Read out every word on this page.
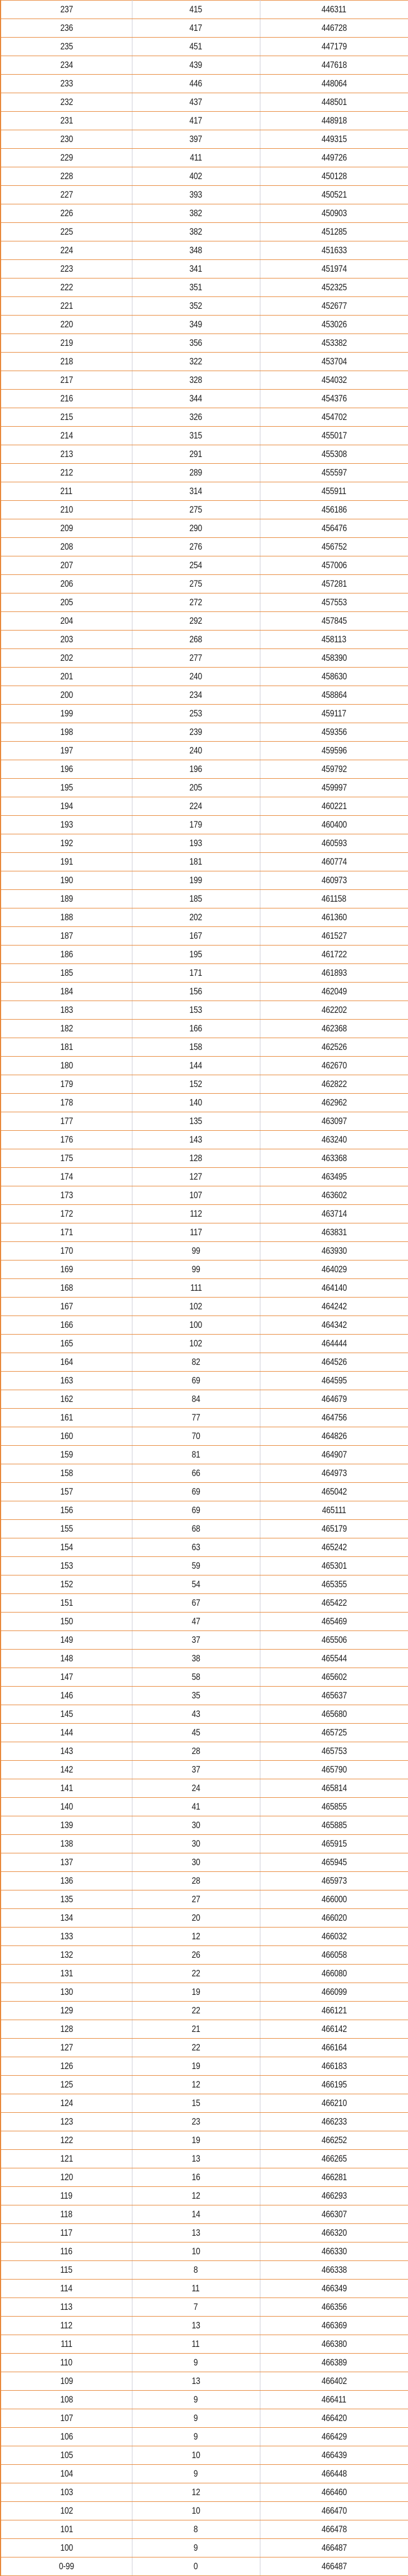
237	415	446311
236	417	446728
235	451	447179
234	439	447618
233	446	448064
232	437	448501
231	417	448918
230	397	449315
229	411	449726
228	402	450128
227	393	450521
226	382	450903
225	382	451285
224	348	451633
223	341	451974
222	351	452325
221	352	452677
220	349	453026
219	356	453382
218	322	453704
217	328	454032
216	344	454376
215	326	454702
214	315	455017
213	291	455308
212	289	455597
211	314	455911
210	275	456186
209	290	456476
208	276	456752
207	254	457006
206	275	457281
205	272	457553
204	292	457845
203	268	458113
202	277	458390
201	240	458630
200	234	458864
199	253	459117
198	239	459356
197	240	459596
196	196	459792
195	205	459997
194	224	460221
193	179	460400
192	193	460593
191	181	460774
190	199	460973
189	185	461158
188	202	461360
187	167	461527
186	195	461722
185	171	461893
184	156	462049
183	153	462202
182	166	462368
181	158	462526
180	144	462670
179	152	462822
178	140	462962
177	135	463097
176	143	463240
175	128	463368
174	127	463495
173	107	463602
172	112	463714
171	117	463831
170	99	463930
169	99	464029
168	111	464140
167	102	464242
166	100	464342
165	102	464444
164	82	464526
163	69	464595
162	84	464679
161	77	464756
160	70	464826
159	81	464907
158	66	464973
157	69	465042
156	69	465111
155	68	465179
154	63	465242
153	59	465301
152	54	465355
151	67	465422
150	47	465469
149	37	465506
148	38	465544
147	58	465602
146	35	465637
145	43	465680
144	45	465725
143	28	465753
142	37	465790
141	24	465814
140	41	465855
139	30	465885
138	30	465915
137	30	465945
136	28	465973
135	27	466000
134	20	466020
133	12	466032
132	26	466058
131	22	466080
130	19	466099
129	22	466121
128	21	466142
127	22	466164
126	19	466183
125	12	466195
124	15	466210
123	23	466233
122	19	466252
121	13	466265
120	16	466281
119	12	466293
118	14	466307
117	13	466320
116	10	466330
115	8	466338
114	11	466349
113	7	466356
112	13	466369
111	11	466380
110	9	466389
109	13	466402
108	9	466411
107	9	466420
106	9	466429
105	10	466439
104	9	466448
103	12	466460
102	10	466470
101	8	466478
100	9	466487
0-99	0	466487
